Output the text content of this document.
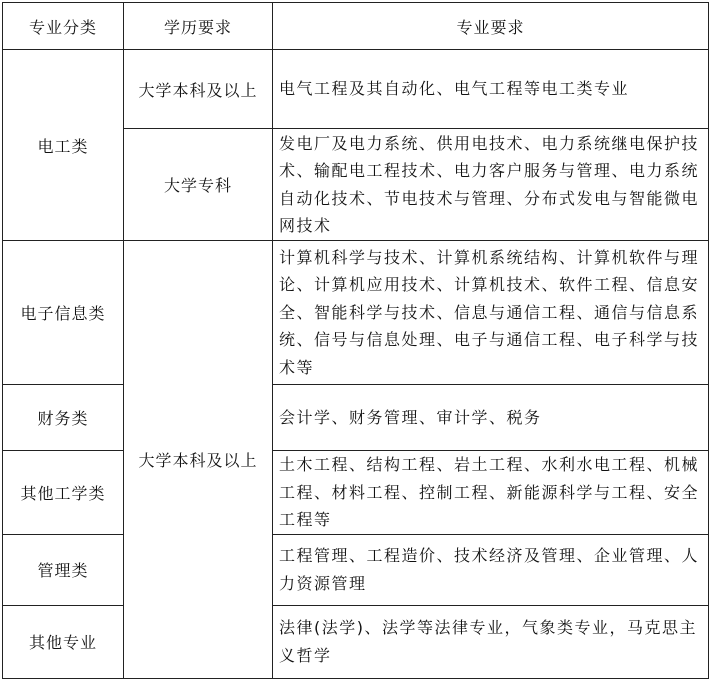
专业分类	学历要求	专业要求
电工类	大学本科及以上	电气工程及其自动化、电气工程等电工类专业
	大学专科	发电厂及电力系统、供用电技术、电力系统继电保护技术、输配电工程技术、电力客户服务与管理、电力系统自动化技术、节电技术与管理、分布式发电与智能微电网技术
电子信息类	大学本科及以上	计算机科学与技术、计算机系统结构、计算机软件与理论、计算机应用技术、计算机技术、软件工程、信息安全、智能科学与技术、信息与通信工程、通信与信息系统、信号与信息处理、电子与通信工程、电子科学与技术等
财务类		会计学、财务管理、审计学、税务
其他工学类		土木工程、结构工程、岩土工程、水利水电工程、机械工程、材料工程、控制工程、新能源科学与工程、安全工程等
管理类		工程管理、工程造价、技术经济及管理、企业管理、人力资源管理
其他专业		法律(法学)、法学等法律专业，气象类专业，马克思主义哲学
